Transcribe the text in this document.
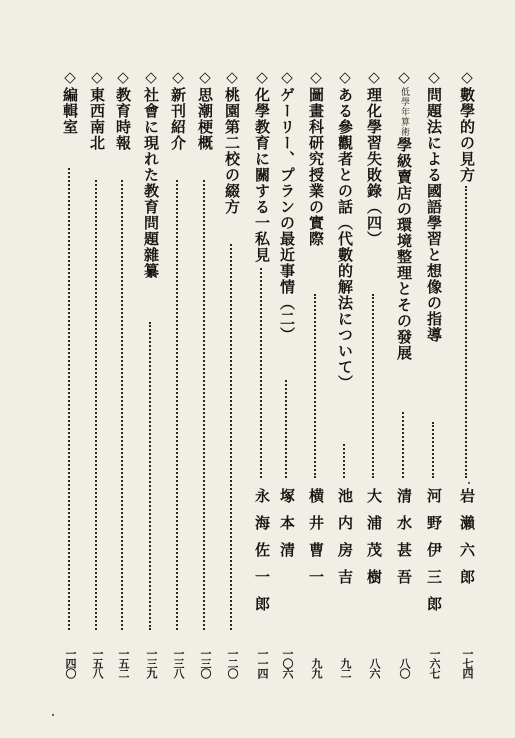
◇數學的の見方
岩瀨六郎
一七四
◇問題法による國語學習と想像の指導
河野伊三郎
一六七
◇低學年算術學級賣店の環境整理とその發展
清水甚吾
八〇
◇理化學習失敗錄（四）
大浦茂樹
八六
◇ある參觀者との話（代數的解法について）
池内房吉
九二
◇圖畫科研究授業の實際
横井曹一
九九
◇ゲーリー、プランの最近事情（二）
塚本清
一〇六
◇化學教育に關する一私見
永海佐一郎
一一四
◇桃園第二校の綴方
一二〇
◇思潮梗概
一三〇
◇新刊紹介
一三八
◇社會に現れた教育問題雜纂
一三九
◇教育時報
一五二
◇東西南北
一五八
◇編輯室
一四〇
